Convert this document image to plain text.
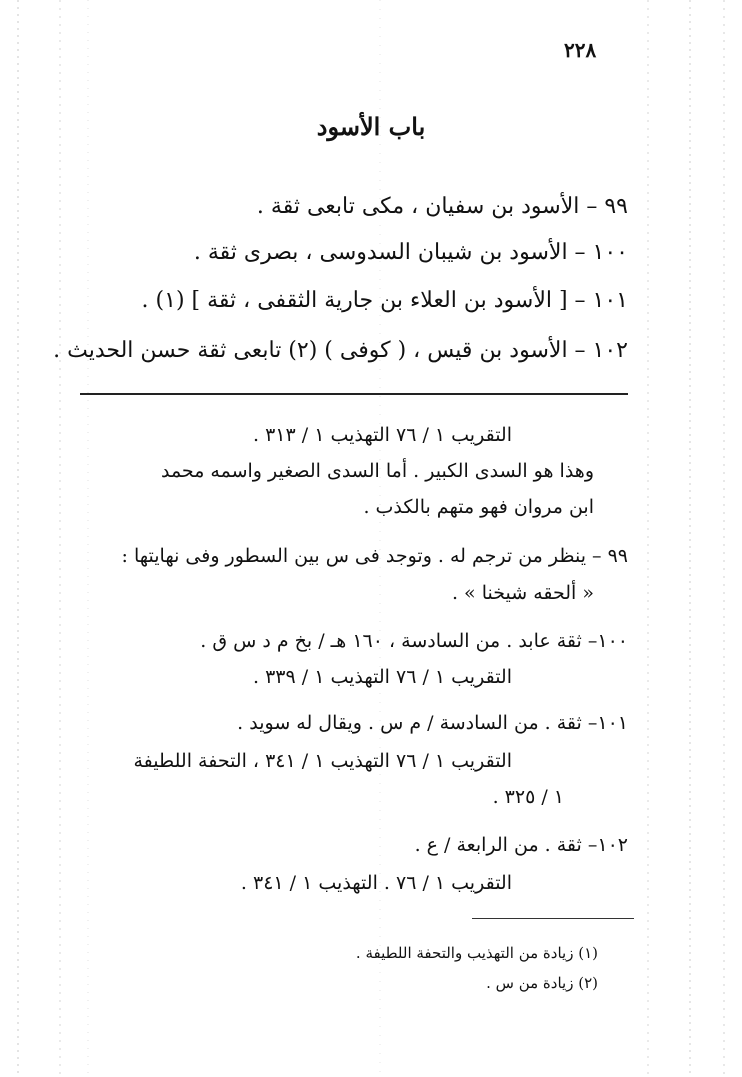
٢٢٨
باب الأسود
٩٩ – الأسود بن سفيان ، مكى تابعى ثقة .
١٠٠ – الأسود بن شيبان السدوسى ، بصرى ثقة .
١٠١ – [ الأسود بن العلاء بن جارية الثقفى ، ثقة ] (١) .
١٠٢ – الأسود بن قيس ، ( كوفى ) (٢) تابعى ثقة حسن الحديث .
التقريب ١ / ٧٦ التهذيب ١ / ٣١٣ .
وهذا هو السدى الكبير . أما السدى الصغير واسمه محمد
ابن مروان فهو متهم بالكذب .
٩٩ – ينظر من ترجم له . وتوجد فى س بين السطور وفى نهايتها :
« ألحقه شيخنا » .
١٠٠– ثقة عابد . من السادسة ، ١٦٠ هـ / بخ م د س ق .
التقريب ١ / ٧٦ التهذيب ١ / ٣٣٩ .
١٠١– ثقة . من السادسة / م س . ويقال له سويد .
التقريب ١ / ٧٦ التهذيب ١ / ٣٤١ ، التحفة اللطيفة
١ / ٣٢٥ .
١٠٢– ثقة . من الرابعة / ع .
التقريب ١ / ٧٦ . التهذيب ١ / ٣٤١ .
(١) زيادة من التهذيب والتحفة اللطيفة .
(٢) زيادة من س .
